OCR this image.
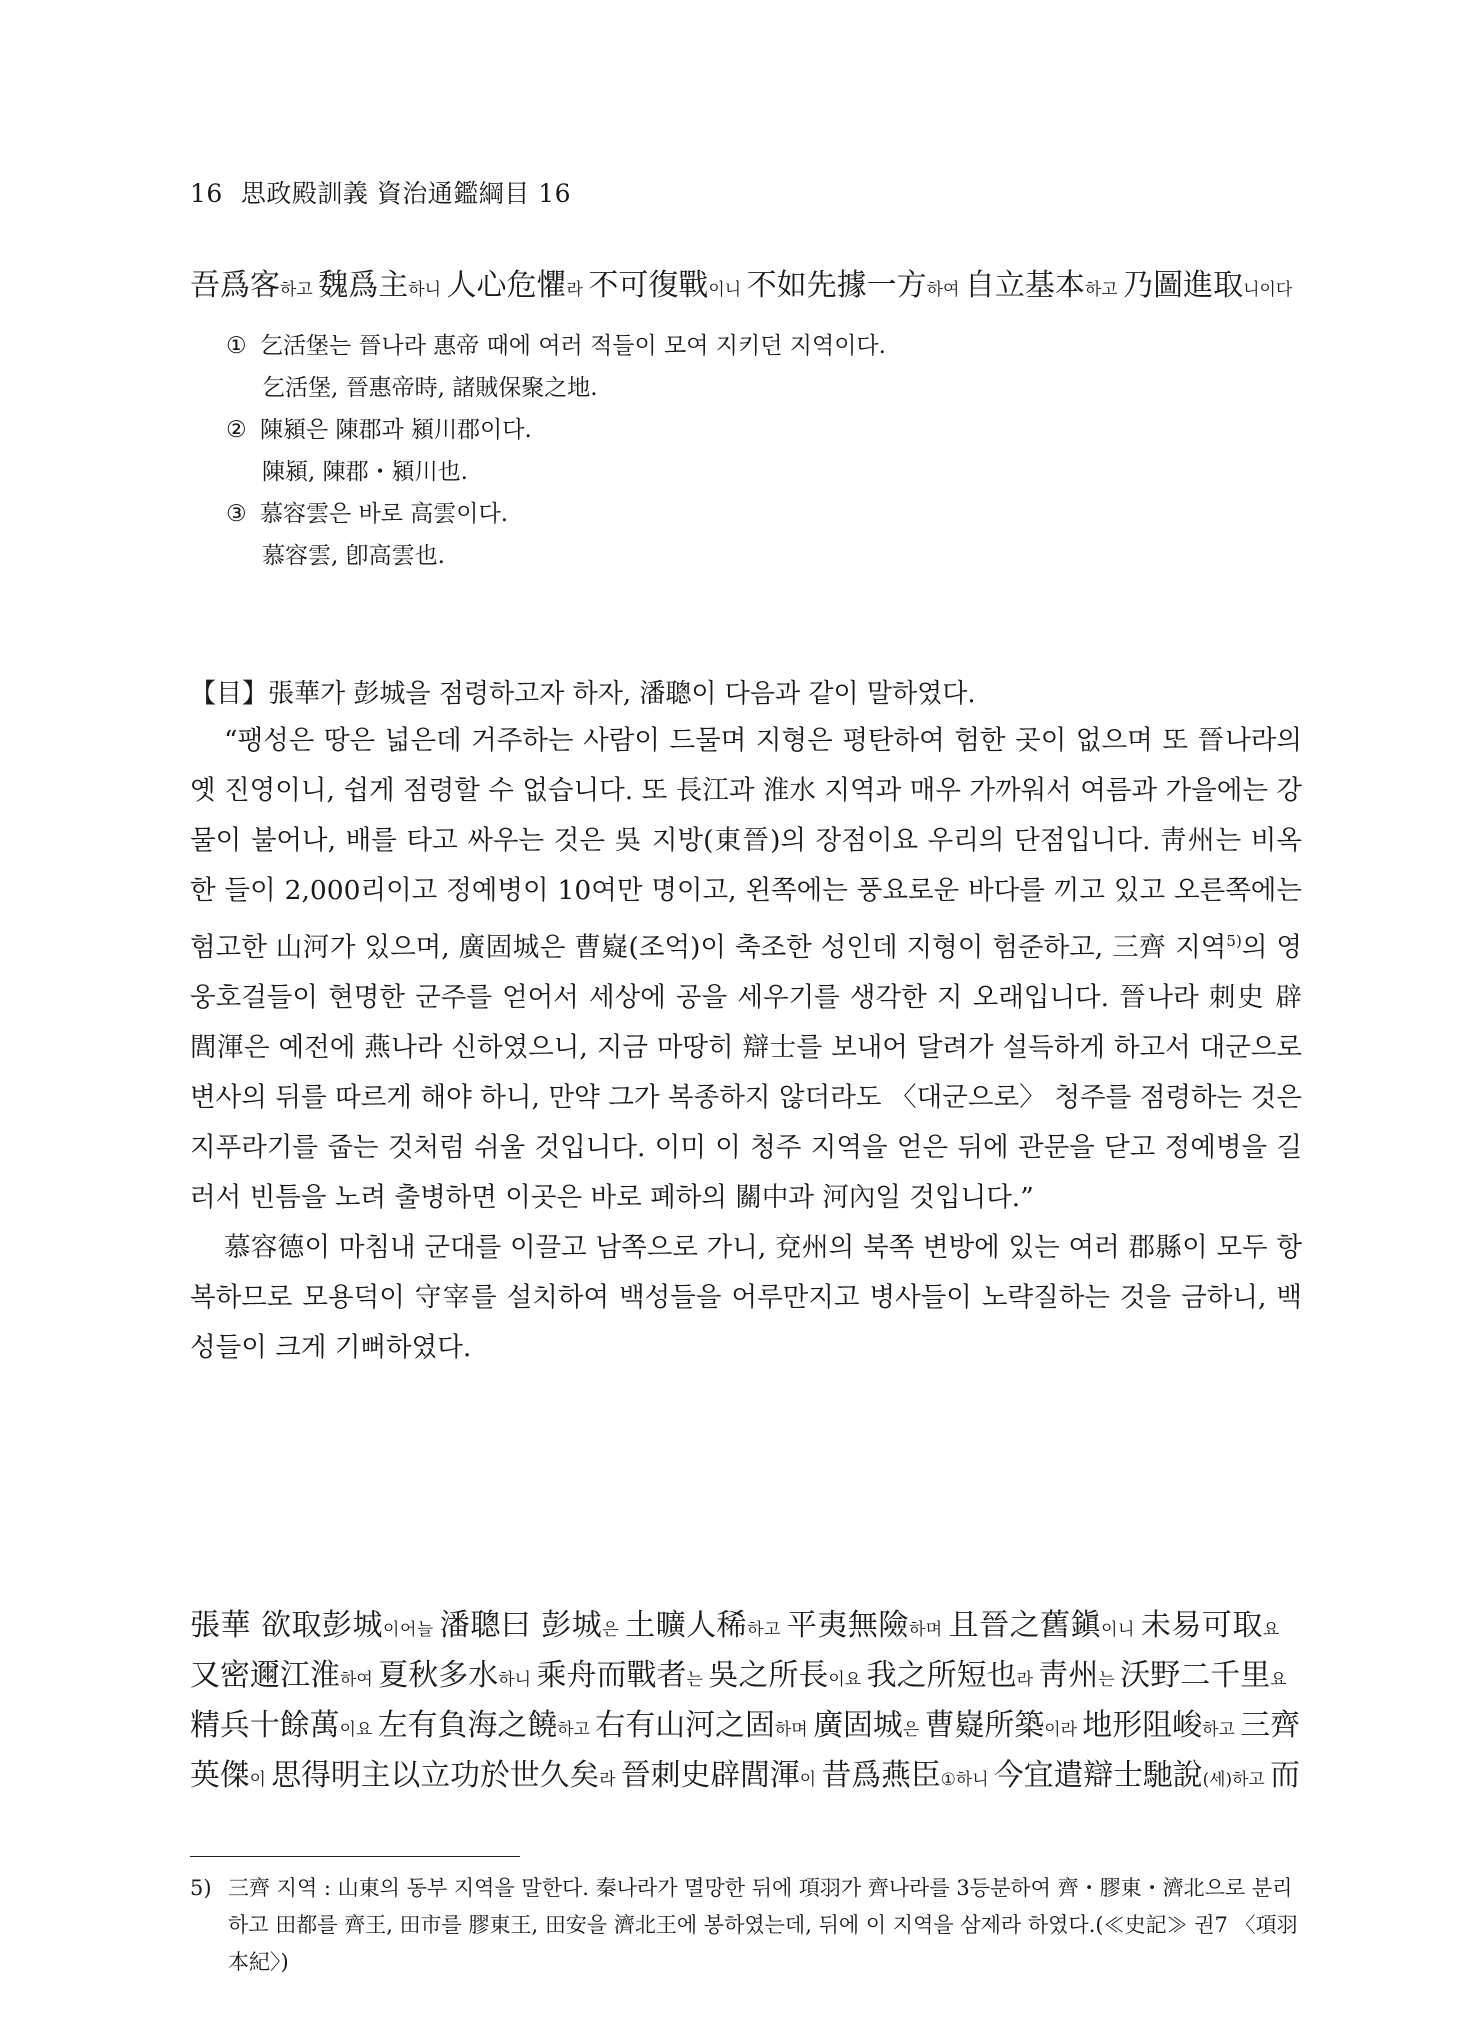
16 思政殿訓義 資治通鑑綱目 16
吾爲客하고 魏爲主하니 人心危懼라 不可復戰이니 不如先據一方하여 自立基本하고 乃圖進取니이다
① 乞活堡는 晉나라 惠帝 때에 여러 적들이 모여 지키던 지역이다.
乞活堡, 晉惠帝時, 諸賊保聚之地.
② 陳潁은 陳郡과 潁川郡이다.
陳潁, 陳郡・潁川也.
③ 慕容雲은 바로 高雲이다.
慕容雲, 卽高雲也.
【目】張華가 彭城을 점령하고자 하자, 潘聰이 다음과 같이 말하였다.

“팽성은 땅은 넓은데 거주하는 사람이 드물며 지형은 평탄하여 험한 곳이 없으며 또 晉나라의 옛 진영이니, 쉽게 점령할 수 없습니다. 또 長江과 淮水 지역과 매우 가까워서 여름과 가을에는 강물이 불어나, 배를 타고 싸우는 것은 吳 지방(東晉)의 장점이요 우리의 단점입니다. 靑州는 비옥한 들이 2,000리이고 정예병이 10여만 명이고, 왼쪽에는 풍요로운 바다를 끼고 있고 오른쪽에는 험고한 山河가 있으며, 廣固城은 曹嶷(조억)이 축조한 성인데 지형이 험준하고, 三齊 지역$^{5)}$의 영웅호걸들이 현명한 군주를 얻어서 세상에 공을 세우기를 생각한 지 오래입니다. 晉나라 刺史 辟閭渾은 예전에 燕나라 신하였으니, 지금 마땅히 辯士를 보내어 달려가 설득하게 하고서 대군으로 변사의 뒤를 따르게 해야 하니, 만약 그가 복종하지 않더라도 〈대군으로〉 청주를 점령하는 것은 지푸라기를 줍는 것처럼 쉬울 것입니다. 이미 이 청주 지역을 얻은 뒤에 관문을 닫고 정예병을 길러서 빈틈을 노려 출병하면 이곳은 바로 폐하의 關中과 河內일 것입니다.”

慕容德이 마침내 군대를 이끌고 남쪽으로 가니, 兗州의 북쪽 변방에 있는 여러 郡縣이 모두 항복하므로 모용덕이 守宰를 설치하여 백성들을 어루만지고 병사들이 노략질하는 것을 금하니, 백성들이 크게 기뻐하였다.

張華 欲取彭城이어늘 潘聰曰 彭城은 土曠人稀하고 平夷無險하며 且晉之舊鎭이니 未易可取요
又密邇江淮하여 夏秋多水하니 乘舟而戰者는 吳之所長이요 我之所短也라 靑州는 沃野二千里요
精兵十餘萬이요 左有負海之饒하고 右有山河之固하며 廣固城은 曹嶷所築이라 地形阻峻하고 三齊
英傑이 思得明主以立功於世久矣라 晉刺史辟閭渾이 昔爲燕臣①하니 今宜遣辯士馳說(세)하고 而
5) 三齊 지역 : 山東의 동부 지역을 말한다. 秦나라가 멸망한 뒤에 項羽가 齊나라를 3등분하여 齊・膠東・濟北으로 분리하고 田都를 齊王, 田市를 膠東王, 田安을 濟北王에 봉하였는데, 뒤에 이 지역을 삼제라 하였다.(≪史記≫ 권7 〈項羽本紀〉)
